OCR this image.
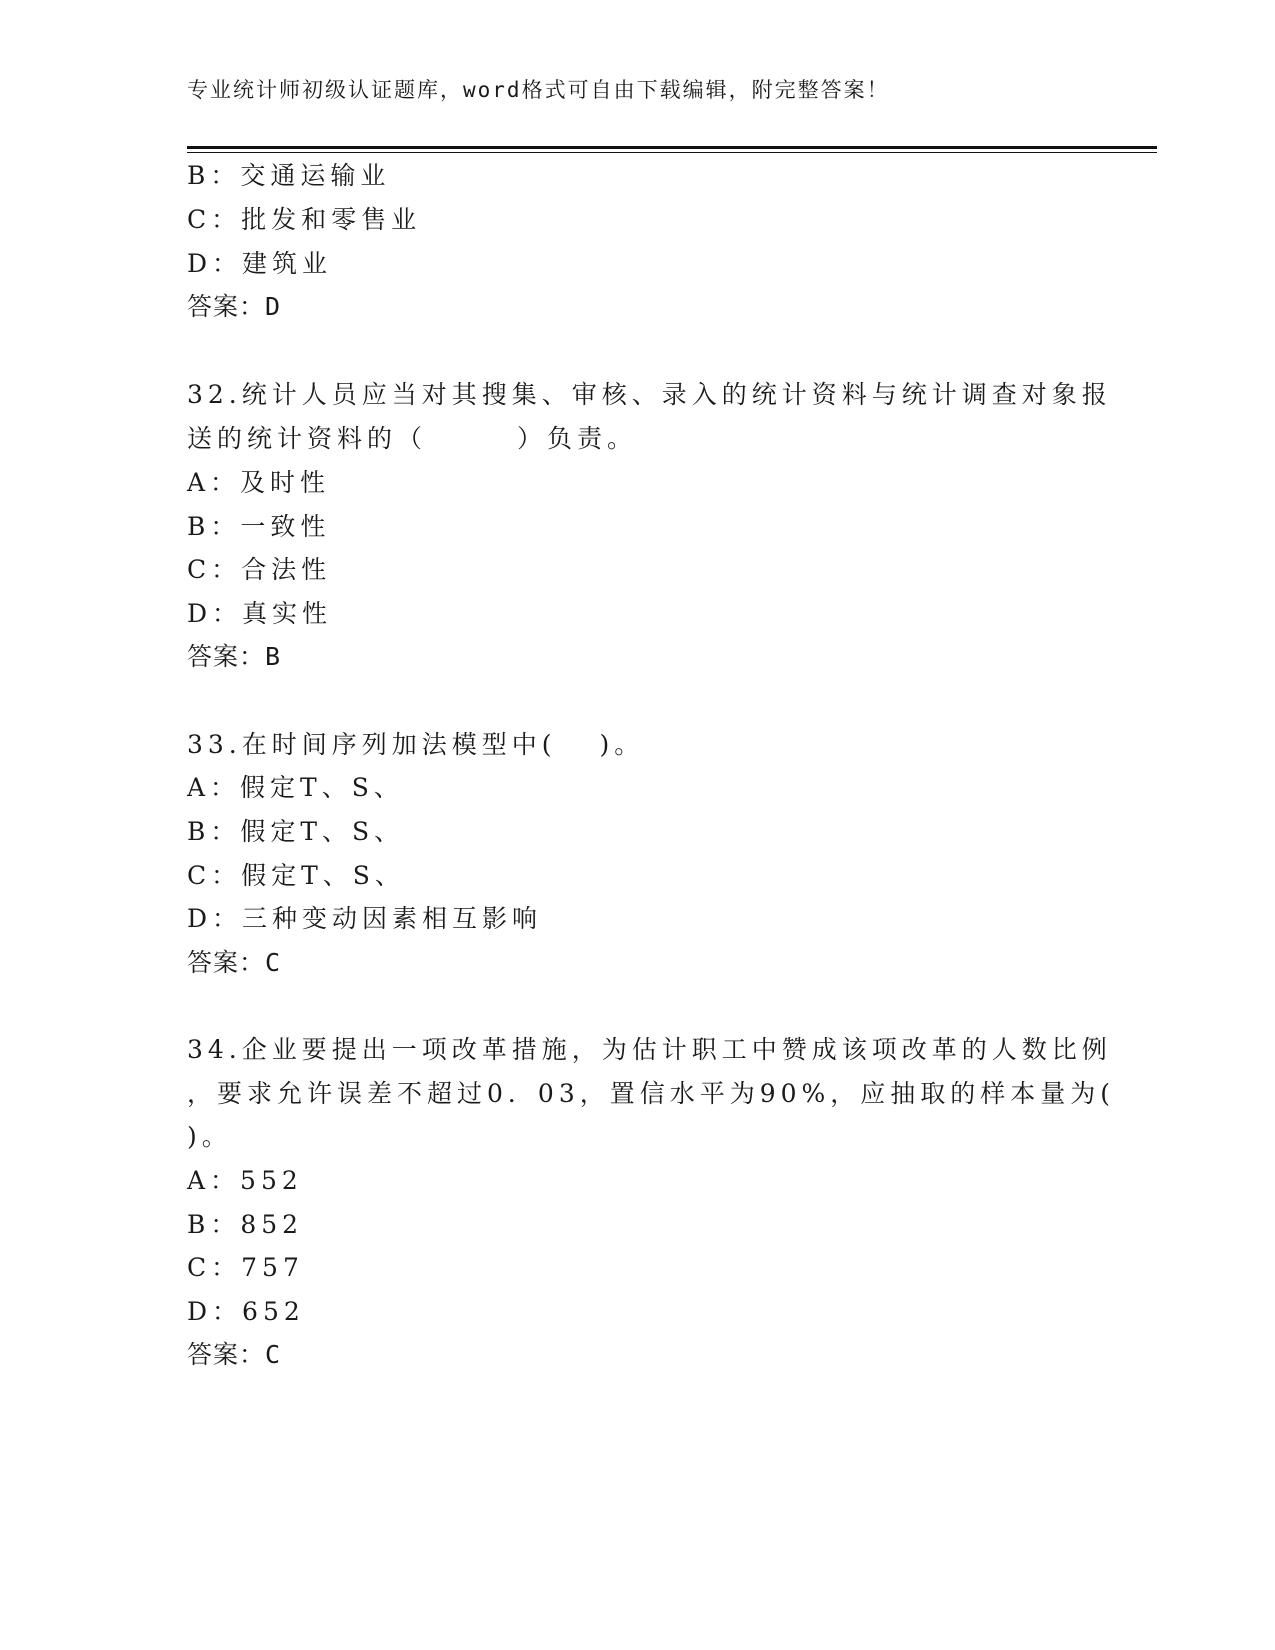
专业统计师初级认证题库，word格式可自由下载编辑，附完整答案！
B：交通运输业
C：批发和零售业
D：建筑业
答案：D
32.统计人员应当对其搜集、审核、录入的统计资料与统计调查对象报
送的统计资料的（　　　）负责。
A：及时性
B：一致性
C：合法性
D：真实性
答案：B
33.在时间序列加法模型中(　 )。
A：假定T、S、
B：假定T、S、
C：假定T、S、
D：三种变动因素相互影响
答案：C
34.企业要提出一项改革措施，为估计职工中赞成该项改革的人数比例
，要求允许误差不超过0．03，置信水平为90%，应抽取的样本量为(
)。
A：552
B：852
C：757
D：652
答案：C
